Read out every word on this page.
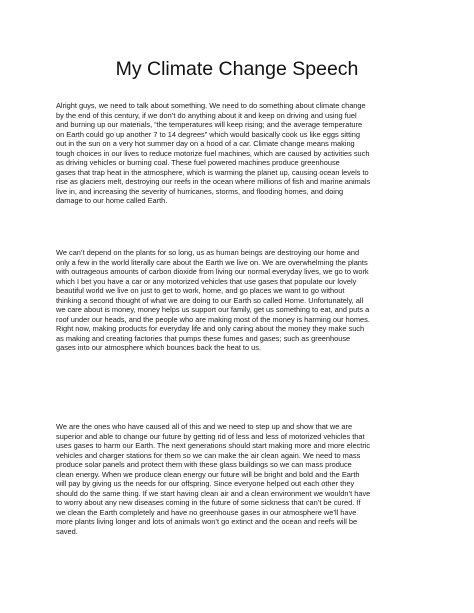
My Climate Change Speech

Alright guys, we need to talk about something. We need to do something about climate change
by the end of this century, if we don’t do anything about it and keep on driving and using fuel
and burning up our materials, “the temperatures will keep rising; and the average temperature
on Earth could go up another 7 to 14 degrees” which would basically cook us like eggs sitting
out in the sun on a very hot summer day on a hood of a car. Climate change means making
tough choices in our lives to reduce motorize fuel machines, which are caused by activities such
as driving vehicles or burning coal. These fuel powered machines produce greenhouse
gases that trap heat in the atmosphere, which is warming the planet up, causing ocean levels to
rise as glaciers melt, destroying our reefs in the ocean where millions of fish and marine animals
live in, and increasing the severity of hurricanes, storms, and flooding homes, and doing
damage to our home called Earth.

We can’t depend on the plants for so long, us as human beings are destroying our home and
only a few in the world literally care about the Earth we live on. We are overwhelming the plants
with outrageous amounts of carbon dioxide from living our normal everyday lives, we go to work
which I bet you have a car or any motorized vehicles that use gases that populate our lovely
beautiful world we live on just to get to work, home, and go places we want to go without
thinking a second thought of what we are doing to our Earth so called Home. Unfortunately, all
we care about is money, money helps us support our family, get us something to eat, and puts a
roof under our heads, and the people who are making most of the money is harming our homes.
Right now, making products for everyday life and only caring about the money they make such
as making and creating factories that pumps these fumes and gases; such as greenhouse
gases into our atmosphere which bounces back the heat to us.

We are the ones who have caused all of this and we need to step up and show that we are
superior and able to change our future by getting rid of less and less of motorized vehicles that
uses gases to harm our Earth. The next generations should start making more and more electric
vehicles and charger stations for them so we can make the air clean again. We need to mass
produce solar panels and protect them with these glass buildings so we can mass produce
clean energy. When we produce clean energy our future will be bright and bold and the Earth
will pay by giving us the needs for our offspring. Since everyone helped out each other they
should do the same thing. If we start having clean air and a clean environment we wouldn’t have
to worry about any new diseases coming in the future of some sickness that can’t be cured. If
we clean the Earth completely and have no greenhouse gases in our atmosphere we’ll have
more plants living longer and lots of animals won’t go extinct and the ocean and reefs will be
saved.
